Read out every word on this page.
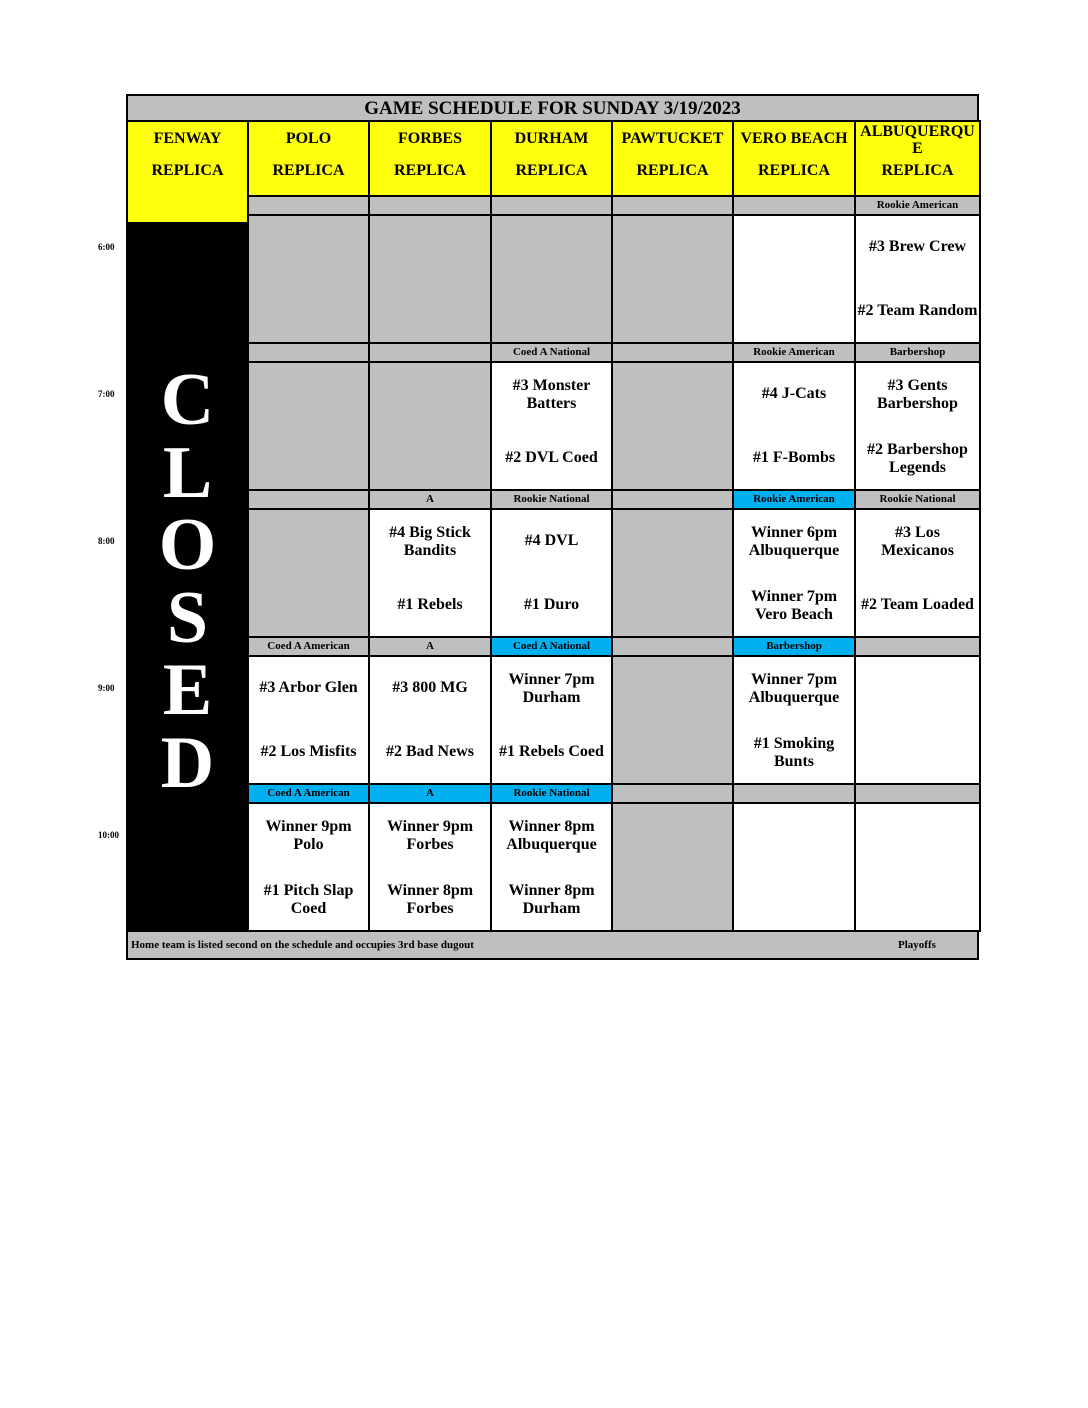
GAME SCHEDULE FOR SUNDAY 3/19/2023
FENWAY
REPLICA
POLO
REPLICA
FORBES
REPLICA
DURHAM
REPLICA
PAWTUCKET
REPLICA
VERO BEACH
REPLICA
ALBUQUERQU
E
REPLICA
C
L
O
S
E
D
Rookie American
#3 Brew Crew
#2 Team Random
Coed A National
#3 Monster Batters
#2 DVL Coed
Rookie American
#4 J-Cats
#1 F-Bombs
Barbershop
#3 Gents Barbershop
#2 Barbershop Legends
A
#4 Big Stick Bandits
#1 Rebels
Rookie National
#4 DVL
#1 Duro
Rookie American
Winner 6pm Albuquerque
Winner 7pm Vero Beach
Rookie National
#3 Los Mexicanos
#2 Team Loaded
Coed A American
#3 Arbor Glen
#2 Los Misfits
A
#3 800 MG
#2 Bad News
Coed A National
Winner 7pm Durham
#1 Rebels Coed
Barbershop
Winner 7pm Albuquerque
#1 Smoking Bunts
Coed A American
Winner 9pm Polo
#1 Pitch Slap Coed
A
Winner 9pm Forbes
Winner 8pm Forbes
Rookie National
Winner 8pm Albuquerque
Winner 8pm Durham
Home team is listed second on the schedule and occupies 3rd base dugout	Playoffs
6:00
7:00
8:00
9:00
10:00
